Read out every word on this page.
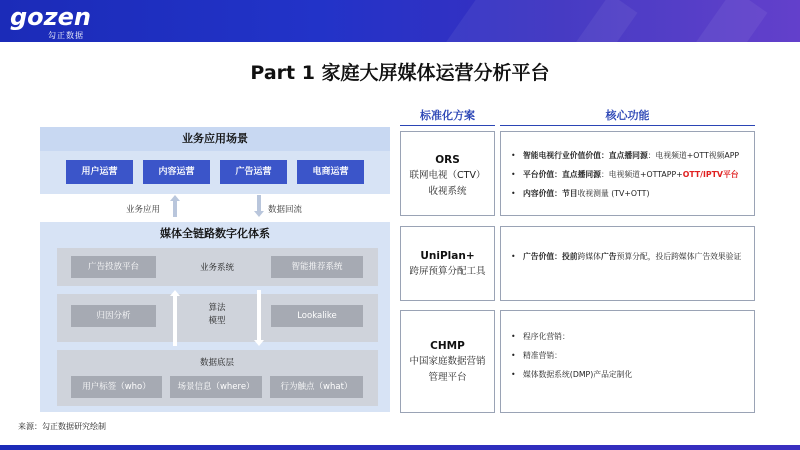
gozen
勾正数据
Part 1 家庭大屏媒体运营分析平台
业务应用场景
用户运营	内容运营	广告运营	电商运营
业务应用	数据回流
媒体全链路数字化体系
广告投放平台	业务系统	智能推荐系统
归因分析
算法
模型	Lookalike
数据底层
用户标签（who）	场景信息（where）	行为触点（what）
标准化方案	核心功能
ORS
联网电视（CTV）
收视系统
• 智能电视行业价值价值：直点播同源：电视频道+OTT视频APP
• 平台价值：直点播同源：电视频道+OTTAPP+OTT/IPTV平台
• 内容价值：节目收视测量 (TV+OTT)
UniPlan+
跨屏预算分配工具
• 广告价值：投前跨媒体广告预算分配，投后跨媒体广告效果验证
CHMP
中国家庭数据营销
管理平台
• 程序化营销：
• 精准营销：
• 媒体数据系统(DMP)产品定制化
来源：勾正数据研究绘制
